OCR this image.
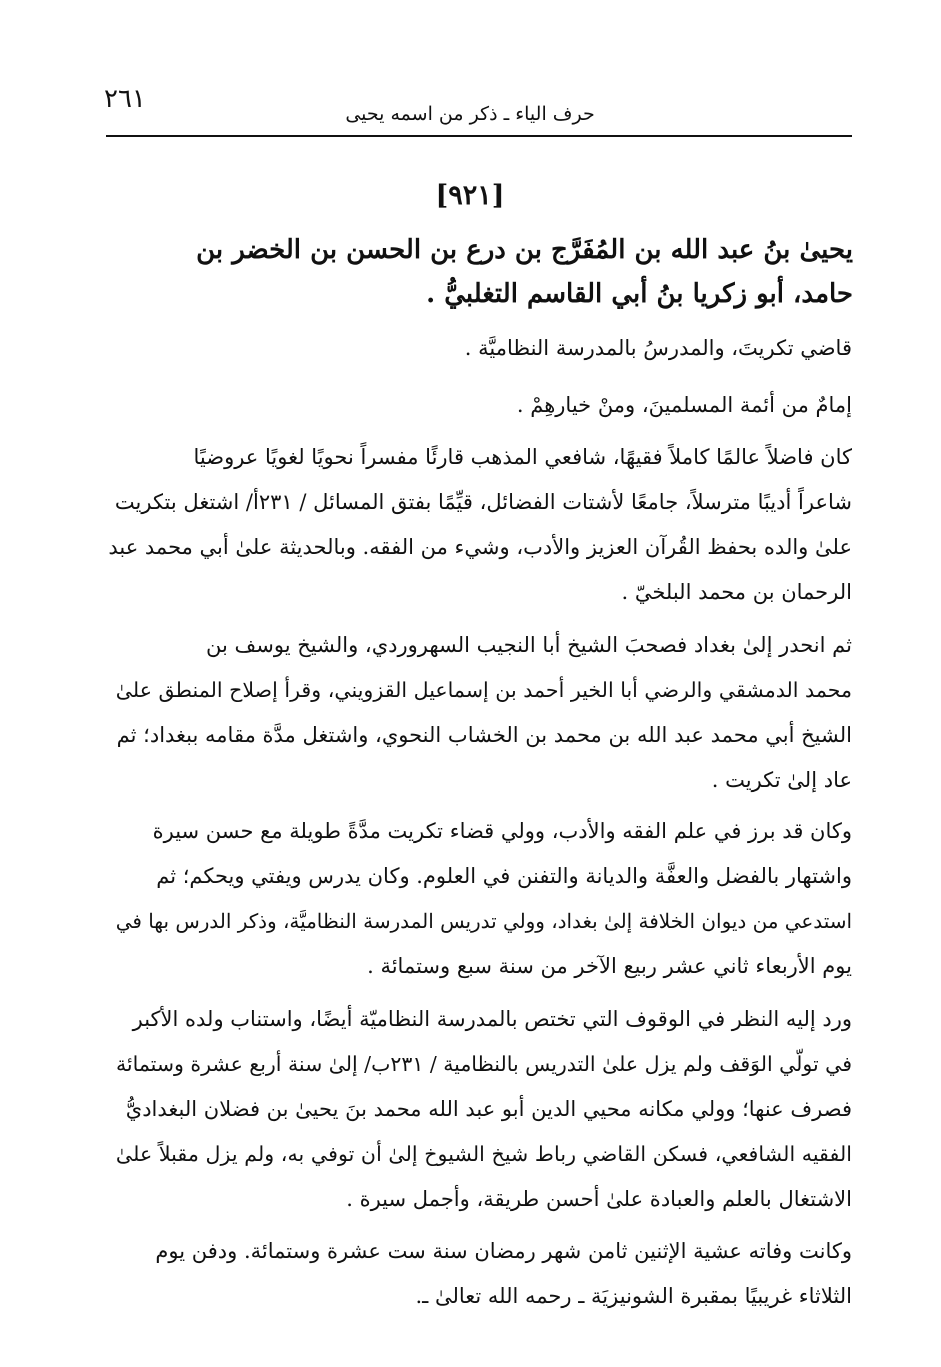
٢٦١	حرف الياء ـ ذكر من اسمه يحيى
[٩٢١]
يحيىٰ بنُ عبد الله بن المُفَرَّج بن درع بن الحسن بن الخضر بن
حامد، أبو زكريا بنُ أبي القاسم التغلبيُّ .

قاضي تكريتَ، والمدرسُ بالمدرسة النظاميَّة .

إمامٌ من أئمة المسلمينَ، ومنْ خيارهِمْ .

كان فاضلاً عالمًا كاملاً فقيهًا، شافعي المذهب قارئًا مفسراً نحويًا لغويًا عروضيًا
شاعراً أديبًا مترسلاً، جامعًا لأشتات الفضائل، قيِّمًا بفتق المسائل / ٢٣١أ/ اشتغل بتكريت
علىٰ والده بحفظ القُرآن العزيز والأدب، وشيء من الفقه. وبالحديثة علىٰ أبي محمد عبد
الرحمان بن محمد البلخيّ .

ثم انحدر إلىٰ بغداد فصحبَ الشيخ أبا النجيب السهروردي، والشيخ يوسف بن
محمد الدمشقي والرضي أبا الخير أحمد بن إسماعيل القزويني، وقرأ إصلاح المنطق علىٰ
الشيخ أبي محمد عبد الله بن محمد بن الخشاب النحوي، واشتغل مدَّة مقامه ببغداد؛ ثم
عاد إلىٰ تكريت .

وكان قد برز في علم الفقه والأدب، وولي قضاء تكريت مدَّةً طويلة مع حسن سيرة
واشتهار بالفضل والعفَّة والديانة والتفنن في العلوم. وكان يدرس ويفتي ويحكم؛ ثم
استدعي من ديوان الخلافة إلىٰ بغداد، وولي تدريس المدرسة النظاميَّة، وذكر الدرس بها في
يوم الأربعاء ثاني عشر ربيع الآخر من سنة سبع وستمائة .

ورد إليه النظر في الوقوف التي تختص بالمدرسة النظاميّة أيضًا، واستناب ولده الأكبر
في تولّي الوَقف ولم يزل علىٰ التدريس بالنظامية / ٢٣١ب/ إلىٰ سنة أربع عشرة وستمائة
فصرف عنها؛ وولي مكانه محيي الدين أبو عبد الله محمد بنَ يحيىٰ بن فضلان البغداديُّ
الفقيه الشافعي، فسكن القاضي رباط شيخ الشيوخ إلىٰ أن توفي به، ولم يزل مقبلاً علىٰ
الاشتغال بالعلم والعبادة علىٰ أحسن طريقة، وأجمل سيرة .

وكانت وفاته عشية الإثنين ثامن شهر رمضان سنة ست عشرة وستمائة. ودفن يوم
الثلاثاء غريبيًا بمقبرة الشونيزيَة ـ رحمه الله تعالىٰ ـ.
